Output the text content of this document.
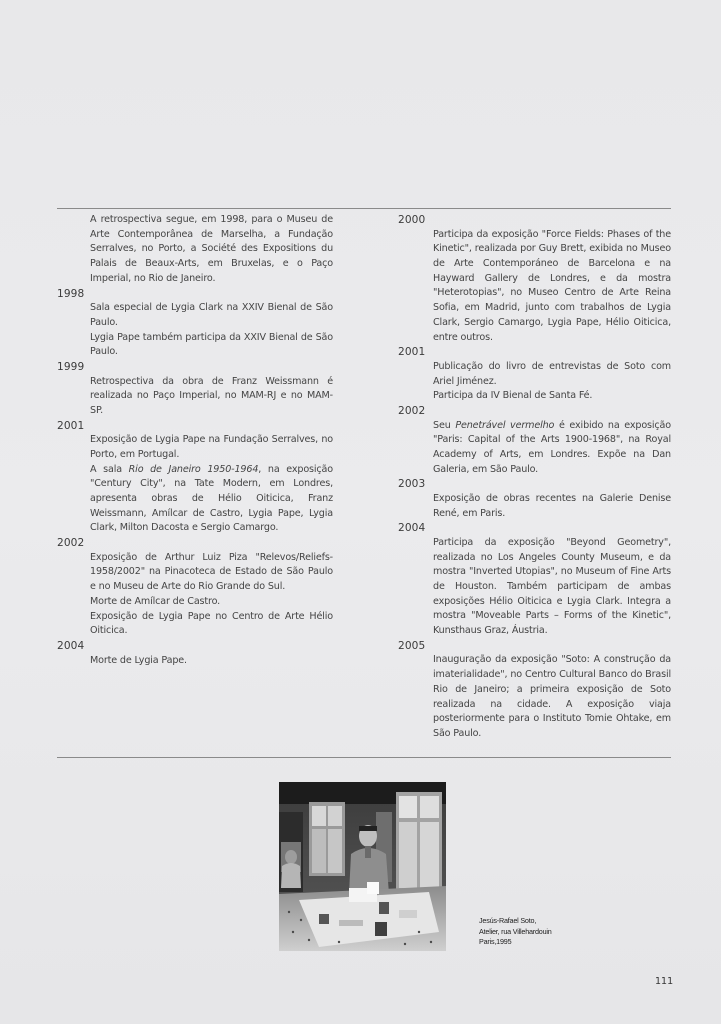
A retrospectiva segue, em 1998, para o Museu de Arte Contemporânea de Marselha, a Fundação Serralves, no Porto, a Société des Expositions du Palais de Beaux-Arts, em Bruxelas, e o Paço Imperial, no Rio de Janeiro.
1998
Sala especial de Lygia Clark na XXIV Bienal de São Paulo.
Lygia Pape também participa da XXIV Bienal de São Paulo.
1999
Retrospectiva da obra de Franz Weissmann é realizada no Paço Imperial, no MAM-RJ e no MAM-SP.
2001
Exposição de Lygia Pape na Fundação Serralves, no Porto, em Portugal.
A sala Rio de Janeiro 1950-1964, na exposição "Century City", na Tate Modern, em Londres, apresenta obras de Hélio Oiticica, Franz Weissmann, Amílcar de Castro, Lygia Pape, Lygia Clark, Milton Dacosta e Sergio Camargo.
2002
Exposição de Arthur Luiz Piza "Relevos/Reliefs-1958/2002" na Pinacoteca de Estado de São Paulo e no Museu de Arte do Rio Grande do Sul.
Morte de Amílcar de Castro.
Exposição de Lygia Pape no Centro de Arte Hélio Oiticica.
2004
Morte de Lygia Pape.
2000
Participa da exposição "Force Fields: Phases of the Kinetic", realizada por Guy Brett, exibida no Museo de Arte Contemporáneo de Barcelona e na Hayward Gallery de Londres, e da mostra "Heterotopias", no Museo Centro de Arte Reina Sofia, em Madrid, junto com trabalhos de Lygia Clark, Sergio Camargo, Lygia Pape, Hélio Oiticica, entre outros.
2001
Publicação do livro de entrevistas de Soto com Ariel Jiménez.
Participa da IV Bienal de Santa Fé.
2002
Seu Penetrável vermelho é exibido na exposição "Paris: Capital of the Arts 1900-1968", na Royal Academy of Arts, em Londres. Expõe na Dan Galeria, em São Paulo.
2003
Exposição de obras recentes na Galerie Denise René, em Paris.
2004
Participa da exposição "Beyond Geometry", realizada no Los Angeles County Museum, e da mostra "Inverted Utopias", no Museum of Fine Arts de Houston. Também participam de ambas exposições Hélio Oiticica e Lygia Clark. Integra a mostra "Moveable Parts – Forms of the Kinetic", Kunsthaus Graz, Áustria.
2005
Inauguração da exposição "Soto: A construção da imaterialidade", no Centro Cultural Banco do Brasil Rio de Janeiro; a primeira exposição de Soto realizada na cidade. A exposição viaja posteriormente para o Instituto Tomie Ohtake, em São Paulo.
Jesús-Rafael Soto,
Atelier, rua Villehardouin
Paris,1995
111
